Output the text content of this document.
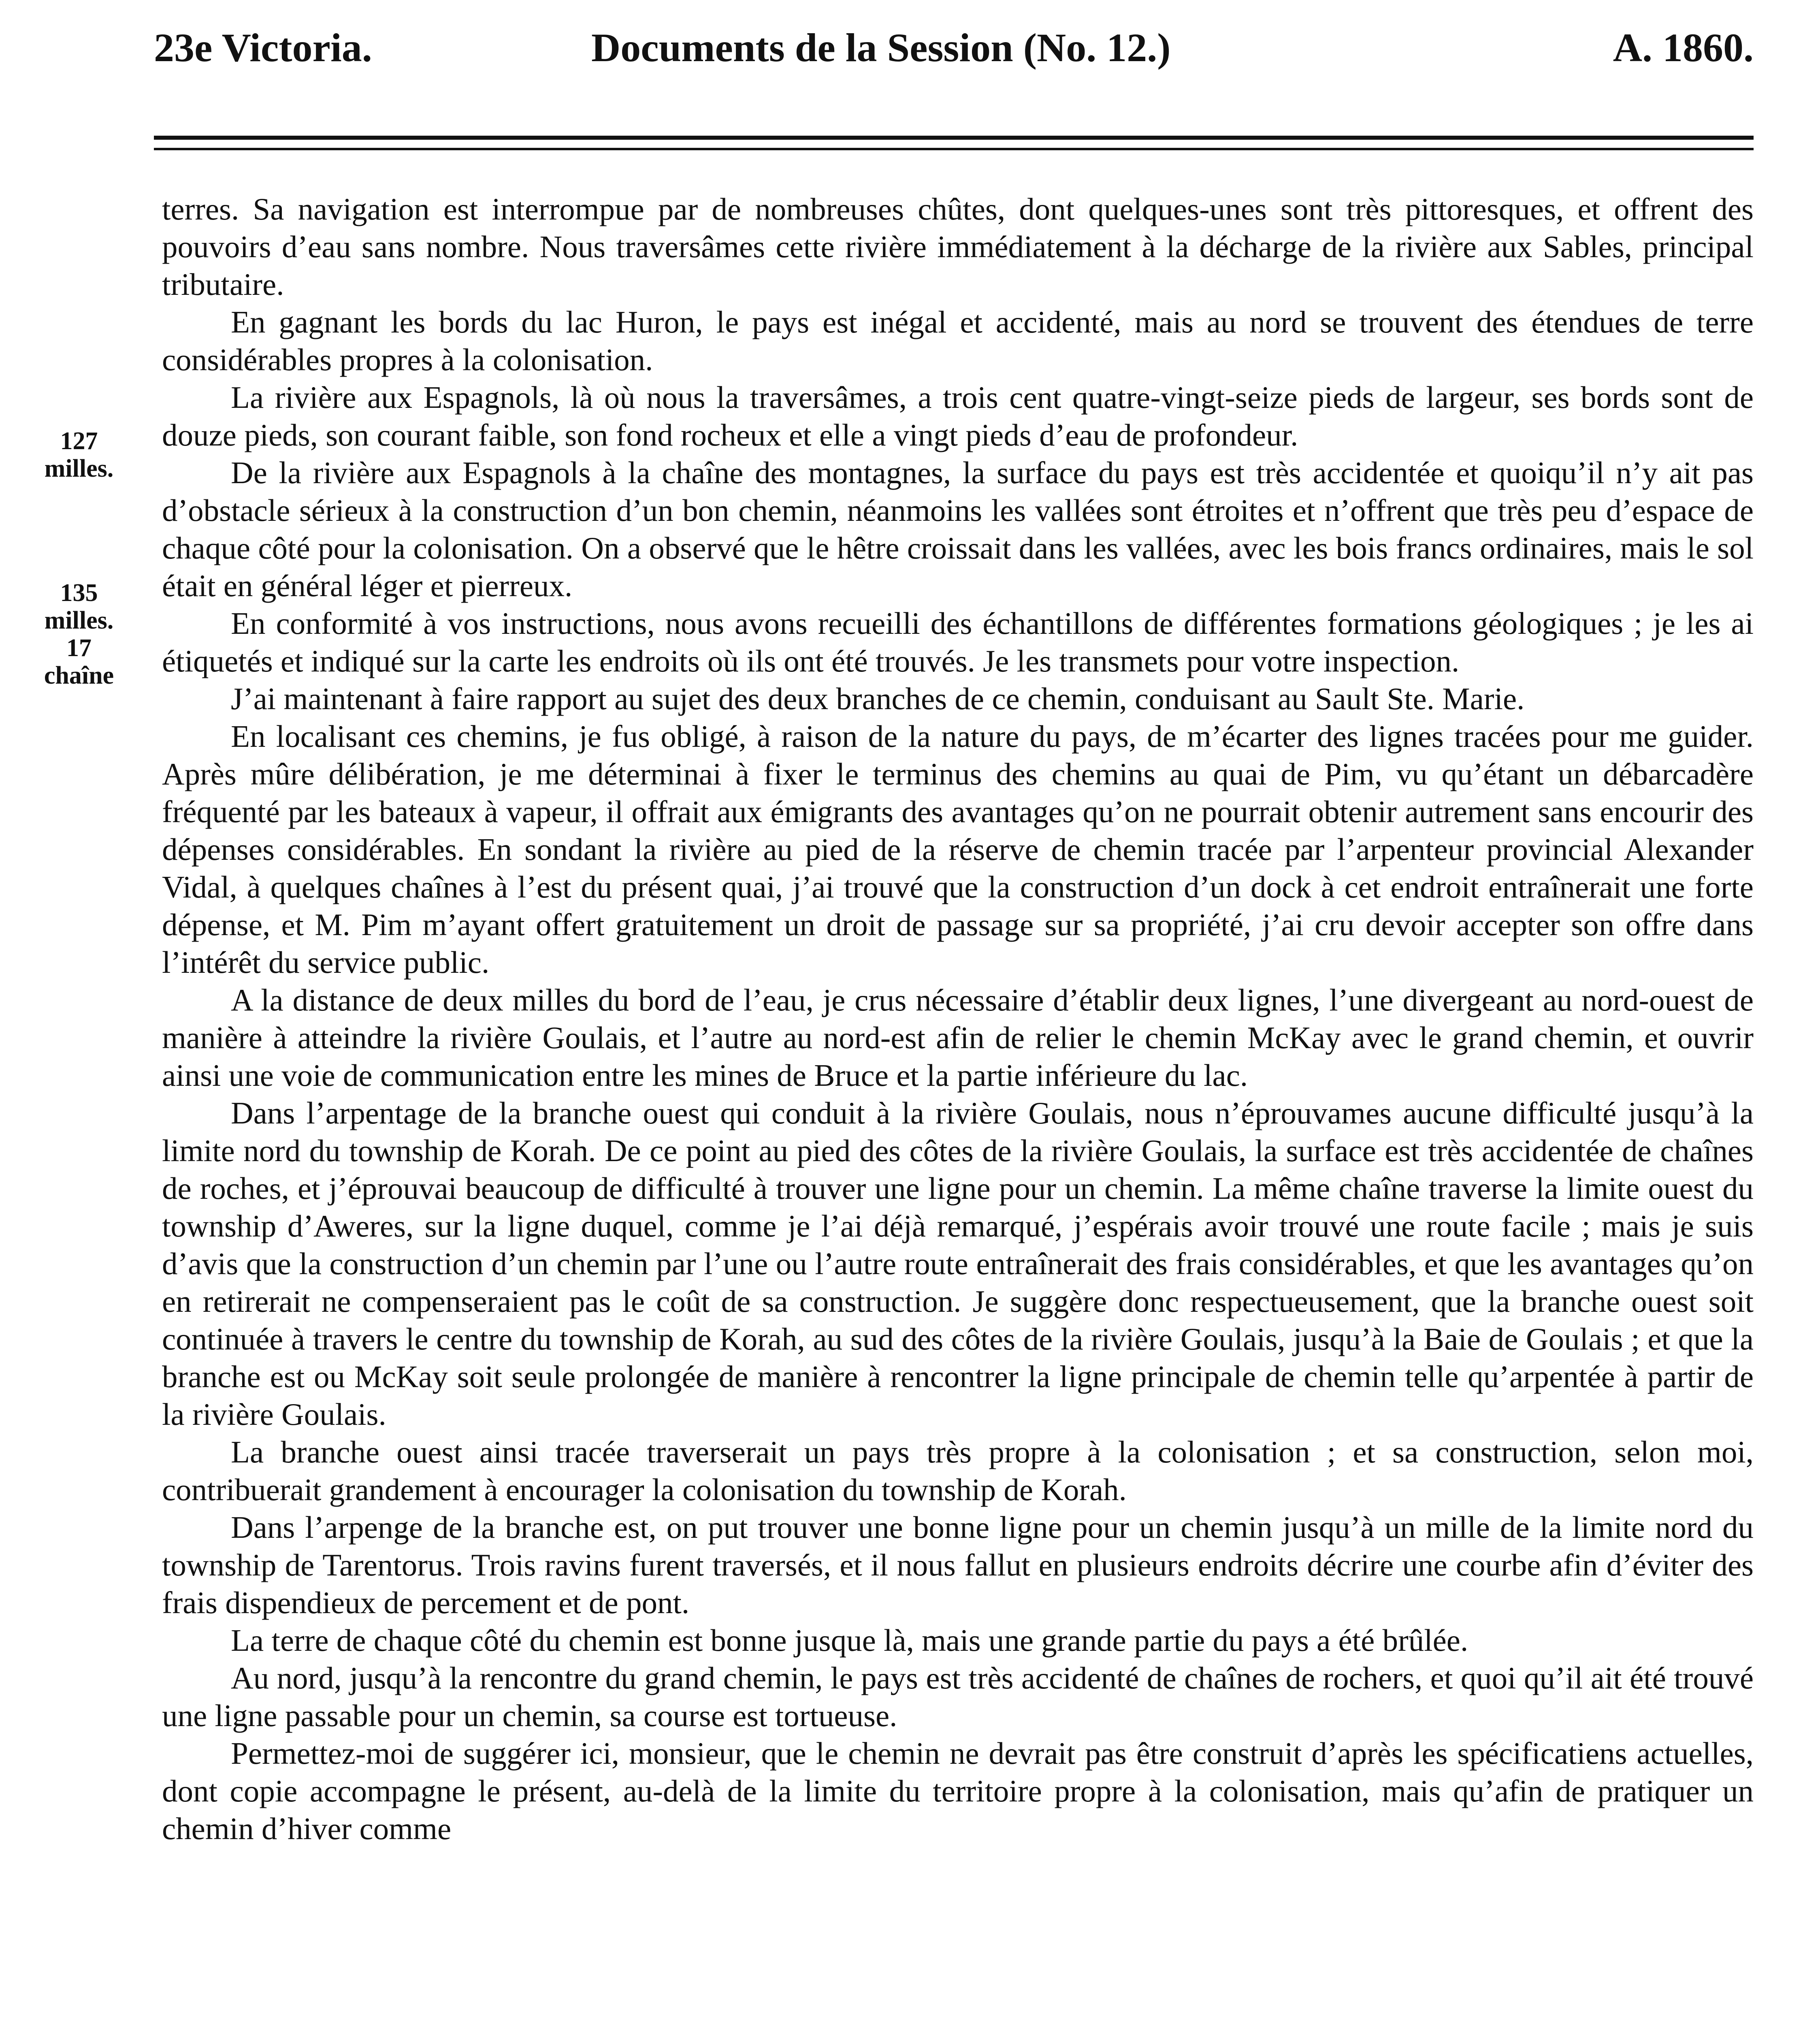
23e Victoria.	Documents de la Session (No. 12.)	A. 1860.
127
milles.
135
milles.
17
chaîne

terres. Sa navigation est interrompue par de nombreuses chûtes, dont quelques-unes sont très pittoresques, et offrent des pouvoirs d’eau sans nombre. Nous traversâmes cette rivière immédiatement à la décharge de la rivière aux Sables, principal tributaire.

En gagnant les bords du lac Huron, le pays est inégal et accidenté, mais au nord se trouvent des étendues de terre considérables propres à la colonisation.

La rivière aux Espagnols, là où nous la traversâmes, a trois cent quatre-vingt-seize pieds de largeur, ses bords sont de douze pieds, son courant faible, son fond rocheux et elle a vingt pieds d’eau de profondeur.

De la rivière aux Espagnols à la chaîne des montagnes, la surface du pays est très accidentée et quoiqu’il n’y ait pas d’obstacle sérieux à la construction d’un bon chemin, néanmoins les vallées sont étroites et n’offrent que très peu d’espace de chaque côté pour la colonisation. On a observé que le hêtre croissait dans les vallées, avec les bois francs ordinaires, mais le sol était en général léger et pierreux.

En conformité à vos instructions, nous avons recueilli des échantillons de différentes formations géologiques ; je les ai étiquetés et indiqué sur la carte les endroits où ils ont été trouvés. Je les transmets pour votre inspection.

J’ai maintenant à faire rapport au sujet des deux branches de ce chemin, conduisant au Sault Ste. Marie.

En localisant ces chemins, je fus obligé, à raison de la nature du pays, de m’écarter des lignes tracées pour me guider. Après mûre délibération, je me déterminai à fixer le terminus des chemins au quai de Pim, vu qu’étant un débarcadère fréquenté par les bateaux à vapeur, il offrait aux émigrants des avantages qu’on ne pourrait obtenir autrement sans encourir des dépenses considérables. En sondant la rivière au pied de la réserve de chemin tracée par l’arpenteur provincial Alexander Vidal, à quelques chaînes à l’est du présent quai, j’ai trouvé que la construction d’un dock à cet endroit entraînerait une forte dépense, et M. Pim m’ayant offert gratuitement un droit de passage sur sa propriété, j’ai cru devoir accepter son offre dans l’intérêt du service public.

A la distance de deux milles du bord de l’eau, je crus nécessaire d’établir deux lignes, l’une divergeant au nord-ouest de manière à atteindre la rivière Goulais, et l’autre au nord-est afin de relier le chemin McKay avec le grand chemin, et ouvrir ainsi une voie de communication entre les mines de Bruce et la partie inférieure du lac.

Dans l’arpentage de la branche ouest qui conduit à la rivière Goulais, nous n’éprouvames aucune difficulté jusqu’à la limite nord du township de Korah. De ce point au pied des côtes de la rivière Goulais, la surface est très accidentée de chaînes de roches, et j’éprouvai beaucoup de difficulté à trouver une ligne pour un chemin. La même chaîne traverse la limite ouest du township d’Aweres, sur la ligne duquel, comme je l’ai déjà remarqué, j’espérais avoir trouvé une route facile ; mais je suis d’avis que la construction d’un chemin par l’une ou l’autre route entraînerait des frais considérables, et que les avantages qu’on en retirerait ne compenseraient pas le coût de sa construction. Je suggère donc respectueusement, que la branche ouest soit continuée à travers le centre du township de Korah, au sud des côtes de la rivière Goulais, jusqu’à la Baie de Goulais ; et que la branche est ou McKay soit seule prolongée de manière à rencontrer la ligne principale de chemin telle qu’arpentée à partir de la rivière Goulais.

La branche ouest ainsi tracée traverserait un pays très propre à la colonisation ; et sa construction, selon moi, contribuerait grandement à encourager la colonisation du township de Korah.

Dans l’arpenge de la branche est, on put trouver une bonne ligne pour un chemin jusqu’à un mille de la limite nord du township de Tarentorus. Trois ravins furent traversés, et il nous fallut en plusieurs endroits décrire une courbe afin d’éviter des frais dispendieux de percement et de pont.

La terre de chaque côté du chemin est bonne jusque là, mais une grande partie du pays a été brûlée.

Au nord, jusqu’à la rencontre du grand chemin, le pays est très accidenté de chaînes de rochers, et quoi qu’il ait été trouvé une ligne passable pour un chemin, sa course est tortueuse.

Permettez-moi de suggérer ici, monsieur, que le chemin ne devrait pas être construit d’après les spécificatiens actuelles, dont copie accompagne le présent, au-delà de la limite du territoire propre à la colonisation, mais qu’afin de pratiquer un chemin d’hiver comme
